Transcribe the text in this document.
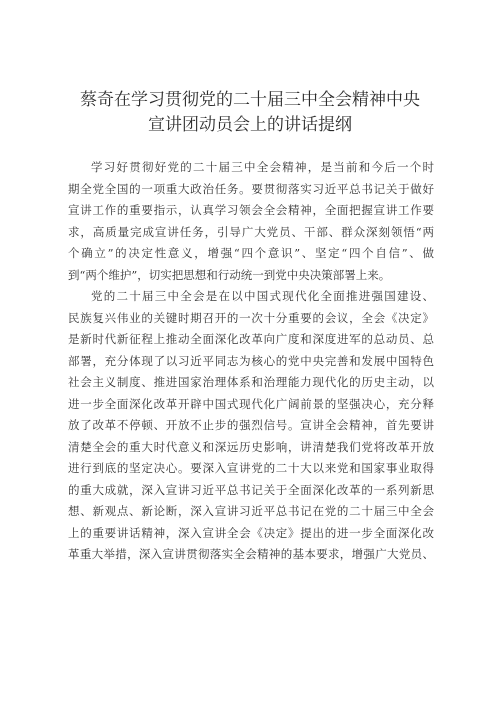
蔡奇在学习贯彻党的二十届三中全会精神中央
宣讲团动员会上的讲话提纲
学习好贯彻好党的二十届三中全会精神，是当前和今后一个时
期全党全国的一项重大政治任务。要贯彻落实习近平总书记关于做好
宣讲工作的重要指示，认真学习领会全会精神，全面把握宣讲工作要
求，高质量完成宣讲任务，引导广大党员、干部、群众深刻领悟“两
个确立”的决定性意义，增强“四个意识”、坚定“四个自信”、做
到“两个维护”，切实把思想和行动统一到党中央决策部署上来。
党的二十届三中全会是在以中国式现代化全面推进强国建设、
民族复兴伟业的关键时期召开的一次十分重要的会议，全会《决定》
是新时代新征程上推动全面深化改革向广度和深度进军的总动员、总
部署，充分体现了以习近平同志为核心的党中央完善和发展中国特色
社会主义制度、推进国家治理体系和治理能力现代化的历史主动，以
进一步全面深化改革开辟中国式现代化广阔前景的坚强决心，充分释
放了改革不停顿、开放不止步的强烈信号。宣讲全会精神，首先要讲
清楚全会的重大时代意义和深远历史影响，讲清楚我们党将改革开放
进行到底的坚定决心。要深入宣讲党的二十大以来党和国家事业取得
的重大成就，深入宣讲习近平总书记关于全面深化改革的一系列新思
想、新观点、新论断，深入宣讲习近平总书记在党的二十届三中全会
上的重要讲话精神，深入宣讲全会《决定》提出的进一步全面深化改
革重大举措，深入宣讲贯彻落实全会精神的基本要求，增强广大党员、
